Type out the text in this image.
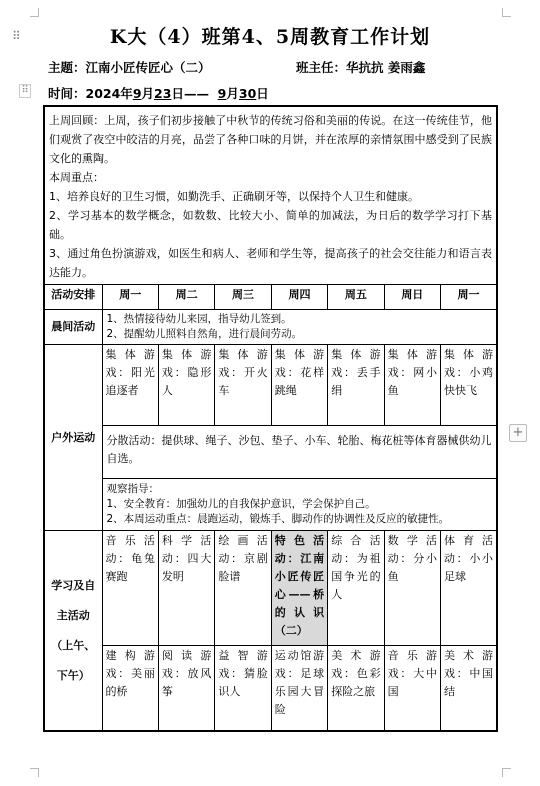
⠿
⠿
+
K大（4）班第4、5周教育工作计划
主题：江南小匠传匠心（二）	班主任：华抗抗 姜雨鑫
时间：2024年9月23日—— 9月30日

上周回顾：上周，孩子们初步接触了中秋节的传统习俗和美丽的传说。在这一传统佳节，他们观赏了夜空中皎洁的月亮，品尝了各种口味的月饼，并在浓厚的亲情氛围中感受到了民族文化的熏陶。

本周重点：

1、培养良好的卫生习惯，如勤洗手、正确刷牙等，以保持个人卫生和健康。

2、学习基本的数学概念，如数数、比较大小、简单的加减法，为日后的数学学习打下基础。

3、通过角色扮演游戏，如医生和病人、老师和学生等，提高孩子的社会交往能力和语言表达能力。							

活动安排	周一	周二	周三	周四	周五	周日	周一
晨间活动	1、热情接待幼儿来园，指导幼儿签到。

2、提醒幼儿照料自然角，进行晨间劳动。						

户外运动	集体游戏：阳光追逐者	集体游戏：隐形人	集体游戏：开火车	集体游戏：花样跳绳	集体游戏：丢手绢	集体游戏：网小鱼	集体游戏：小鸡快快飞
	分散活动：提供球、绳子、沙包、垫子、小车、轮胎、梅花桩等体育器械供幼儿自选。						

	观察指导：

1、安全教育：加强幼儿的自我保护意识，学会保护自己。

2、本周运动重点：晨跑运动，锻炼手、脚动作的协调性及反应的敏捷性。						

学习及自
主活动
（上午、
下午）	音乐活动：龟兔赛跑	科学活动：四大发明	绘画活动：京剧脸谱	特色活动：江南小匠传匠心——桥的认识（二）	综合活动：为祖国争光的人	数学活动：分小鱼	体育活动：小小足球
	建构游戏：美丽的桥	阅读游戏：放风筝	益智游戏：猜脸识人	运动馆游戏：足球乐园大冒险	美术游戏：色彩探险之旅	音乐游戏：大中国	美术游戏：中国结
